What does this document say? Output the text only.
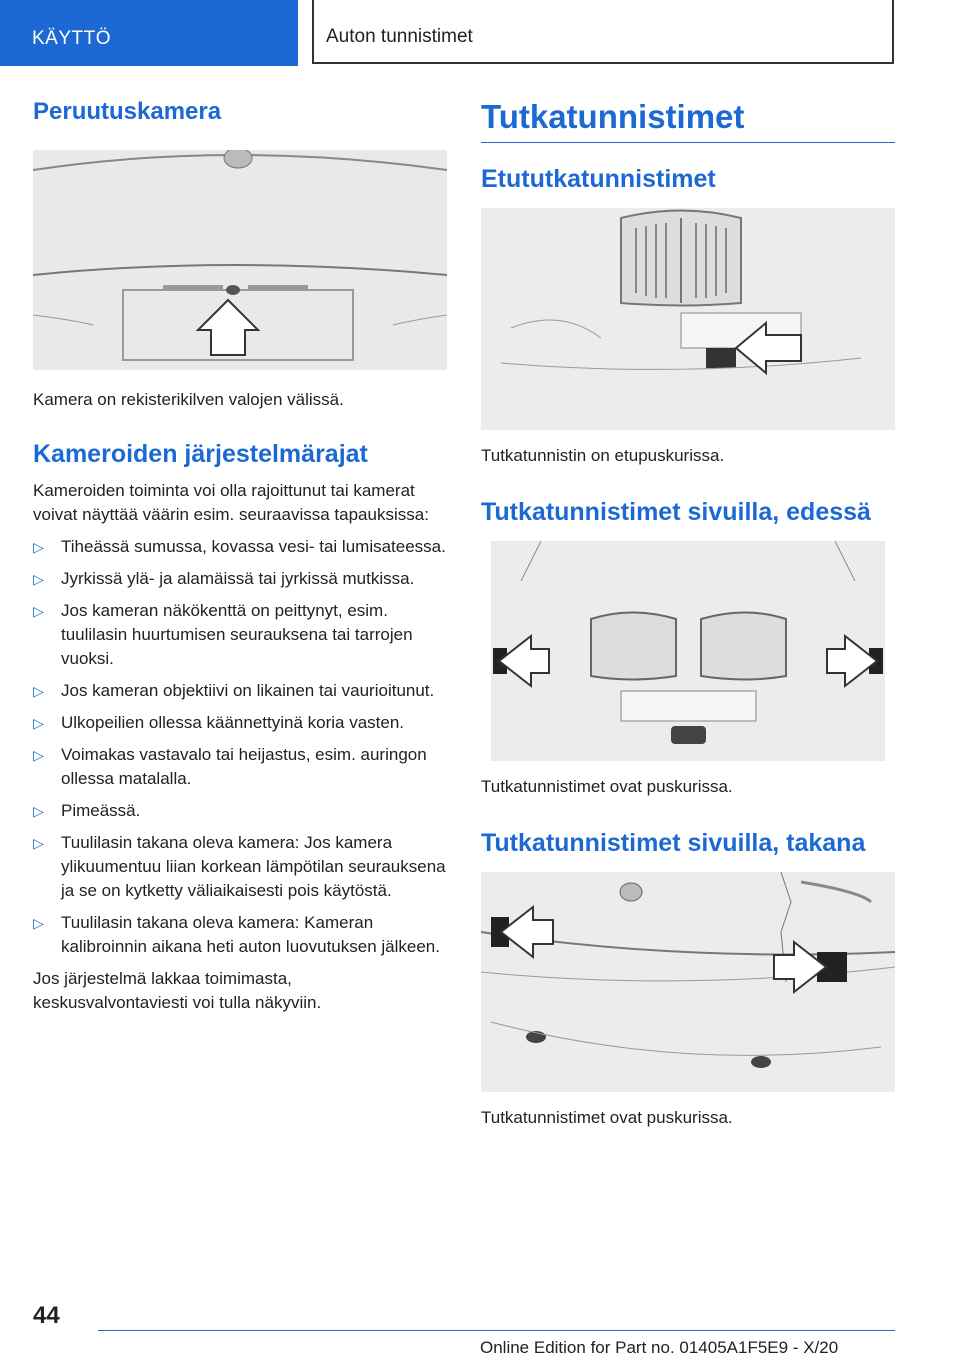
KÄYTTÖ	Auton tunnistimet
Peruutuskamera

Kamera on rekisterikilven valojen välissä.

Kameroiden järjestelmärajat

Kameroiden toiminta voi olla rajoittunut tai kamerat voivat näyttää väärin esim. seuraavissa tapauksissa:

▷ Tiheässä sumussa, kovassa vesi- tai lumisateessa.
▷ Jyrkissä ylä- ja alamäissä tai jyrkissä mutkissa.
▷ Jos kameran näkökenttä on peittynyt, esim. tuulilasin huurtumisen seurauksena tai tarrojen vuoksi.
▷ Jos kameran objektiivi on likainen tai vaurioitunut.
▷ Ulkopeilien ollessa käännettyinä koria vasten.
▷ Voimakas vastavalo tai heijastus, esim. auringon ollessa matalalla.
▷ Pimeässä.
▷ Tuulilasin takana oleva kamera: Jos kamera ylikuumentuu liian korkean lämpötilan seurauksena ja se on kytketty väliaikaisesti pois käytöstä.
▷ Tuulilasin takana oleva kamera: Kameran kalibroinnin aikana heti auton luovutuksen jälkeen.

Jos järjestelmä lakkaa toimimasta, keskusvalvontaviesti voi tulla näkyviin.

Tutkatunnistimet
Etututkatunnistimet

Tutkatunnistin on etupuskurissa.

Tutkatunnistimet sivuilla, edessä

Tutkatunnistimet ovat puskurissa.

Tutkatunnistimet sivuilla, takana

Tutkatunnistimet ovat puskurissa.

44
Online Edition for Part no. 01405A1F5E9 - X/20
